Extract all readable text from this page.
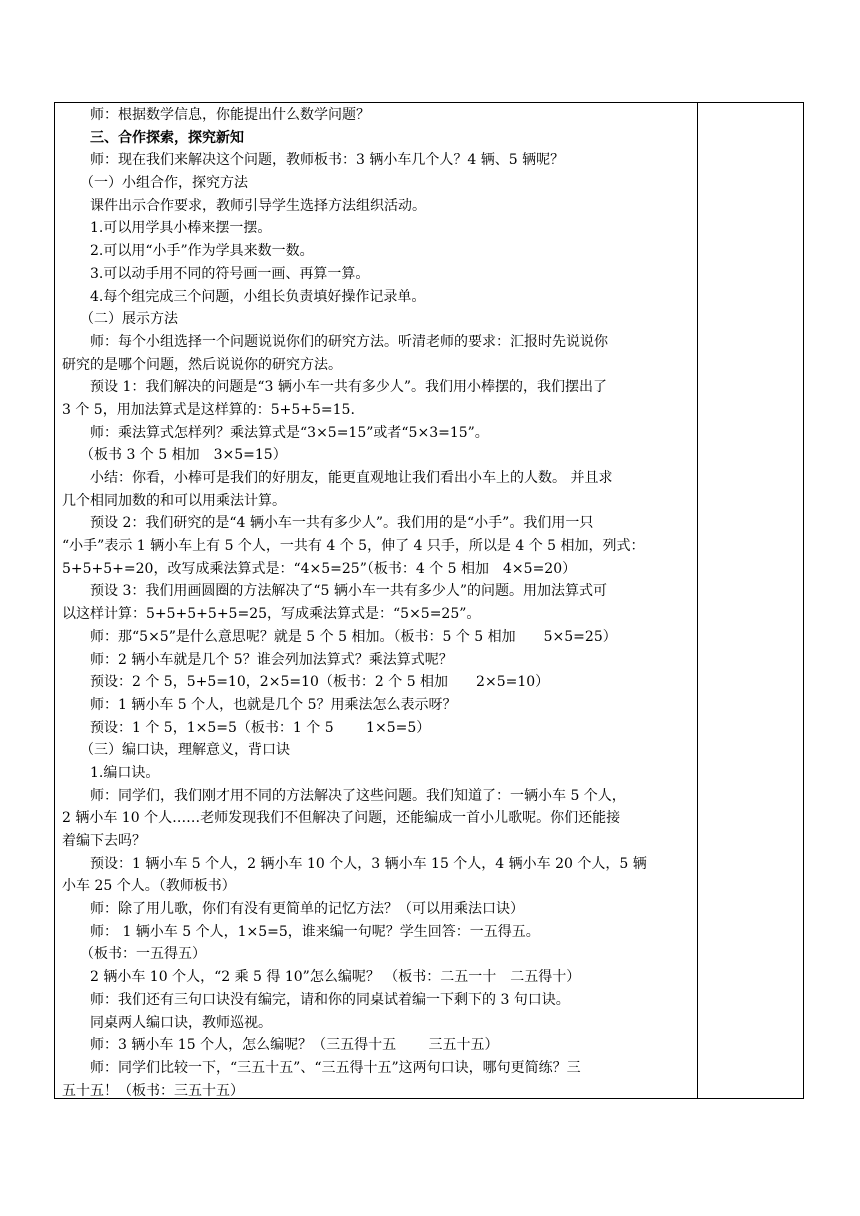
师：根据数学信息，你能提出什么数学问题？
三、合作探索，探究新知
师：现在我们来解决这个问题，教师板书：3 辆小车几个人？4 辆、5 辆呢？
（一）小组合作，探究方法
课件出示合作要求，教师引导学生选择方法组织活动。
1.可以用学具小棒来摆一摆。
2.可以用“小手”作为学具来数一数。
3.可以动手用不同的符号画一画、再算一算。
4.每个组完成三个问题，小组长负责填好操作记录单。
（二）展示方法
师：每个小组选择一个问题说说你们的研究方法。听清老师的要求：汇报时先说说你
研究的是哪个问题，然后说说你的研究方法。
预设 1：我们解决的问题是“3 辆小车一共有多少人”。我们用小棒摆的，我们摆出了
3 个 5，用加法算式是这样算的：5+5+5=15.
师：乘法算式怎样列？乘法算式是“3×5=15”或者“5×3=15”。
（板书 3 个 5 相加　3×5=15）
小结：你看，小棒可是我们的好朋友，能更直观地让我们看出小车上的人数。 并且求
几个相同加数的和可以用乘法计算。
预设 2：我们研究的是“4 辆小车一共有多少人”。我们用的是“小手”。我们用一只
“小手”表示 1 辆小车上有 5 个人，一共有 4 个 5，伸了 4 只手，所以是 4 个 5 相加，列式：
5+5+5+=20，改写成乘法算式是：“4×5=25”（板书：4 个 5 相加　4×5=20）
预设 3：我们用画圆圈的方法解决了“5 辆小车一共有多少人”的问题。用加法算式可
以这样计算：5+5+5+5+5=25，写成乘法算式是：“5×5=25”。
师：那“5×5”是什么意思呢？就是 5 个 5 相加。（板书：5 个 5 相加　　5×5=25）
师：2 辆小车就是几个 5？谁会列加法算式？乘法算式呢？
预设：2 个 5，5+5=10，2×5=10（板书：2 个 5 相加　　2×5=10）
师：1 辆小车 5 个人，也就是几个 5？用乘法怎么表示呀？
预设：1 个 5，1×5=5（板书：1 个 5　　 1×5=5）
（三）编口诀，理解意义，背口诀
1.编口诀。
师：同学们，我们刚才用不同的方法解决了这些问题。我们知道了：一辆小车 5 个人，
2 辆小车 10 个人……老师发现我们不但解决了问题，还能编成一首小儿歌呢。你们还能接
着编下去吗？
预设：1 辆小车 5 个人，2 辆小车 10 个人，3 辆小车 15 个人，4 辆小车 20 个人，5 辆
小车 25 个人。（教师板书）
师：除了用儿歌，你们有没有更简单的记忆方法？（可以用乘法口诀）
师： 1 辆小车 5 个人，1×5=5，谁来编一句呢？学生回答：一五得五。
（板书：一五得五）
2 辆小车 10 个人，“2 乘 5 得 10”怎么编呢？ （板书：二五一十　二五得十）
师：我们还有三句口诀没有编完，请和你的同桌试着编一下剩下的 3 句口诀。
同桌两人编口诀，教师巡视。
师：3 辆小车 15 个人，怎么编呢？（三五得十五　　 三五十五）
师：同学们比较一下，“三五十五”、“三五得十五”这两句口诀，哪句更简练？三
五十五！（板书：三五十五）
